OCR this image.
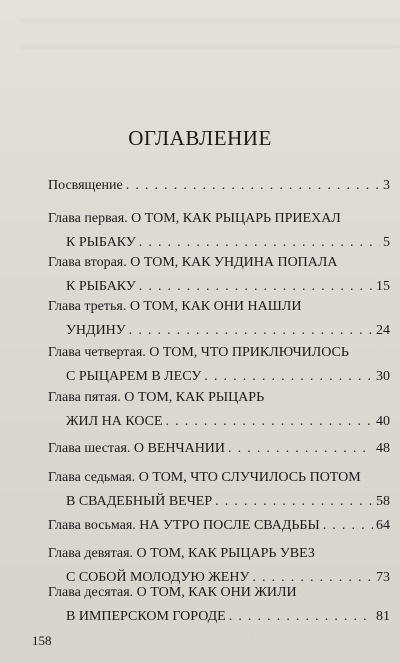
ОГЛАВЛЕНИЕ
Посвящение . . .	3
Глава первая. О ТОМ, КАК РЫЦАРЬ ПРИЕХАЛ
К РЫБАКУ . . .	5
Глава вторая. О ТОМ, КАК УНДИНА ПОПАЛА
К РЫБАКУ . . .	15
Глава третья. О ТОМ, КАК ОНИ НАШЛИ
УНДИНУ . . .	24
Глава четвертая. О ТОМ, ЧТО ПРИКЛЮЧИЛОСЬ
С РЫЦАРЕМ В ЛЕСУ . . .	30
Глава пятая. О ТОМ, КАК РЫЦАРЬ
ЖИЛ НА КОСЕ . . .	40
Глава шестая. О ВЕНЧАНИИ . . .	48
Глава седьмая. О ТОМ, ЧТО СЛУЧИЛОСЬ ПОТОМ
В СВАДЕБНЫЙ ВЕЧЕР . . .	58
Глава восьмая. НА УТРО ПОСЛЕ СВАДЬБЫ . . .	64
Глава девятая. О ТОМ, КАК РЫЦАРЬ УВЕЗ
С СОБОЙ МОЛОДУЮ ЖЕНУ . . .	73
Глава десятая. О ТОМ, КАК ОНИ ЖИЛИ
В ИМПЕРСКОМ ГОРОДЕ . . .	81
158
